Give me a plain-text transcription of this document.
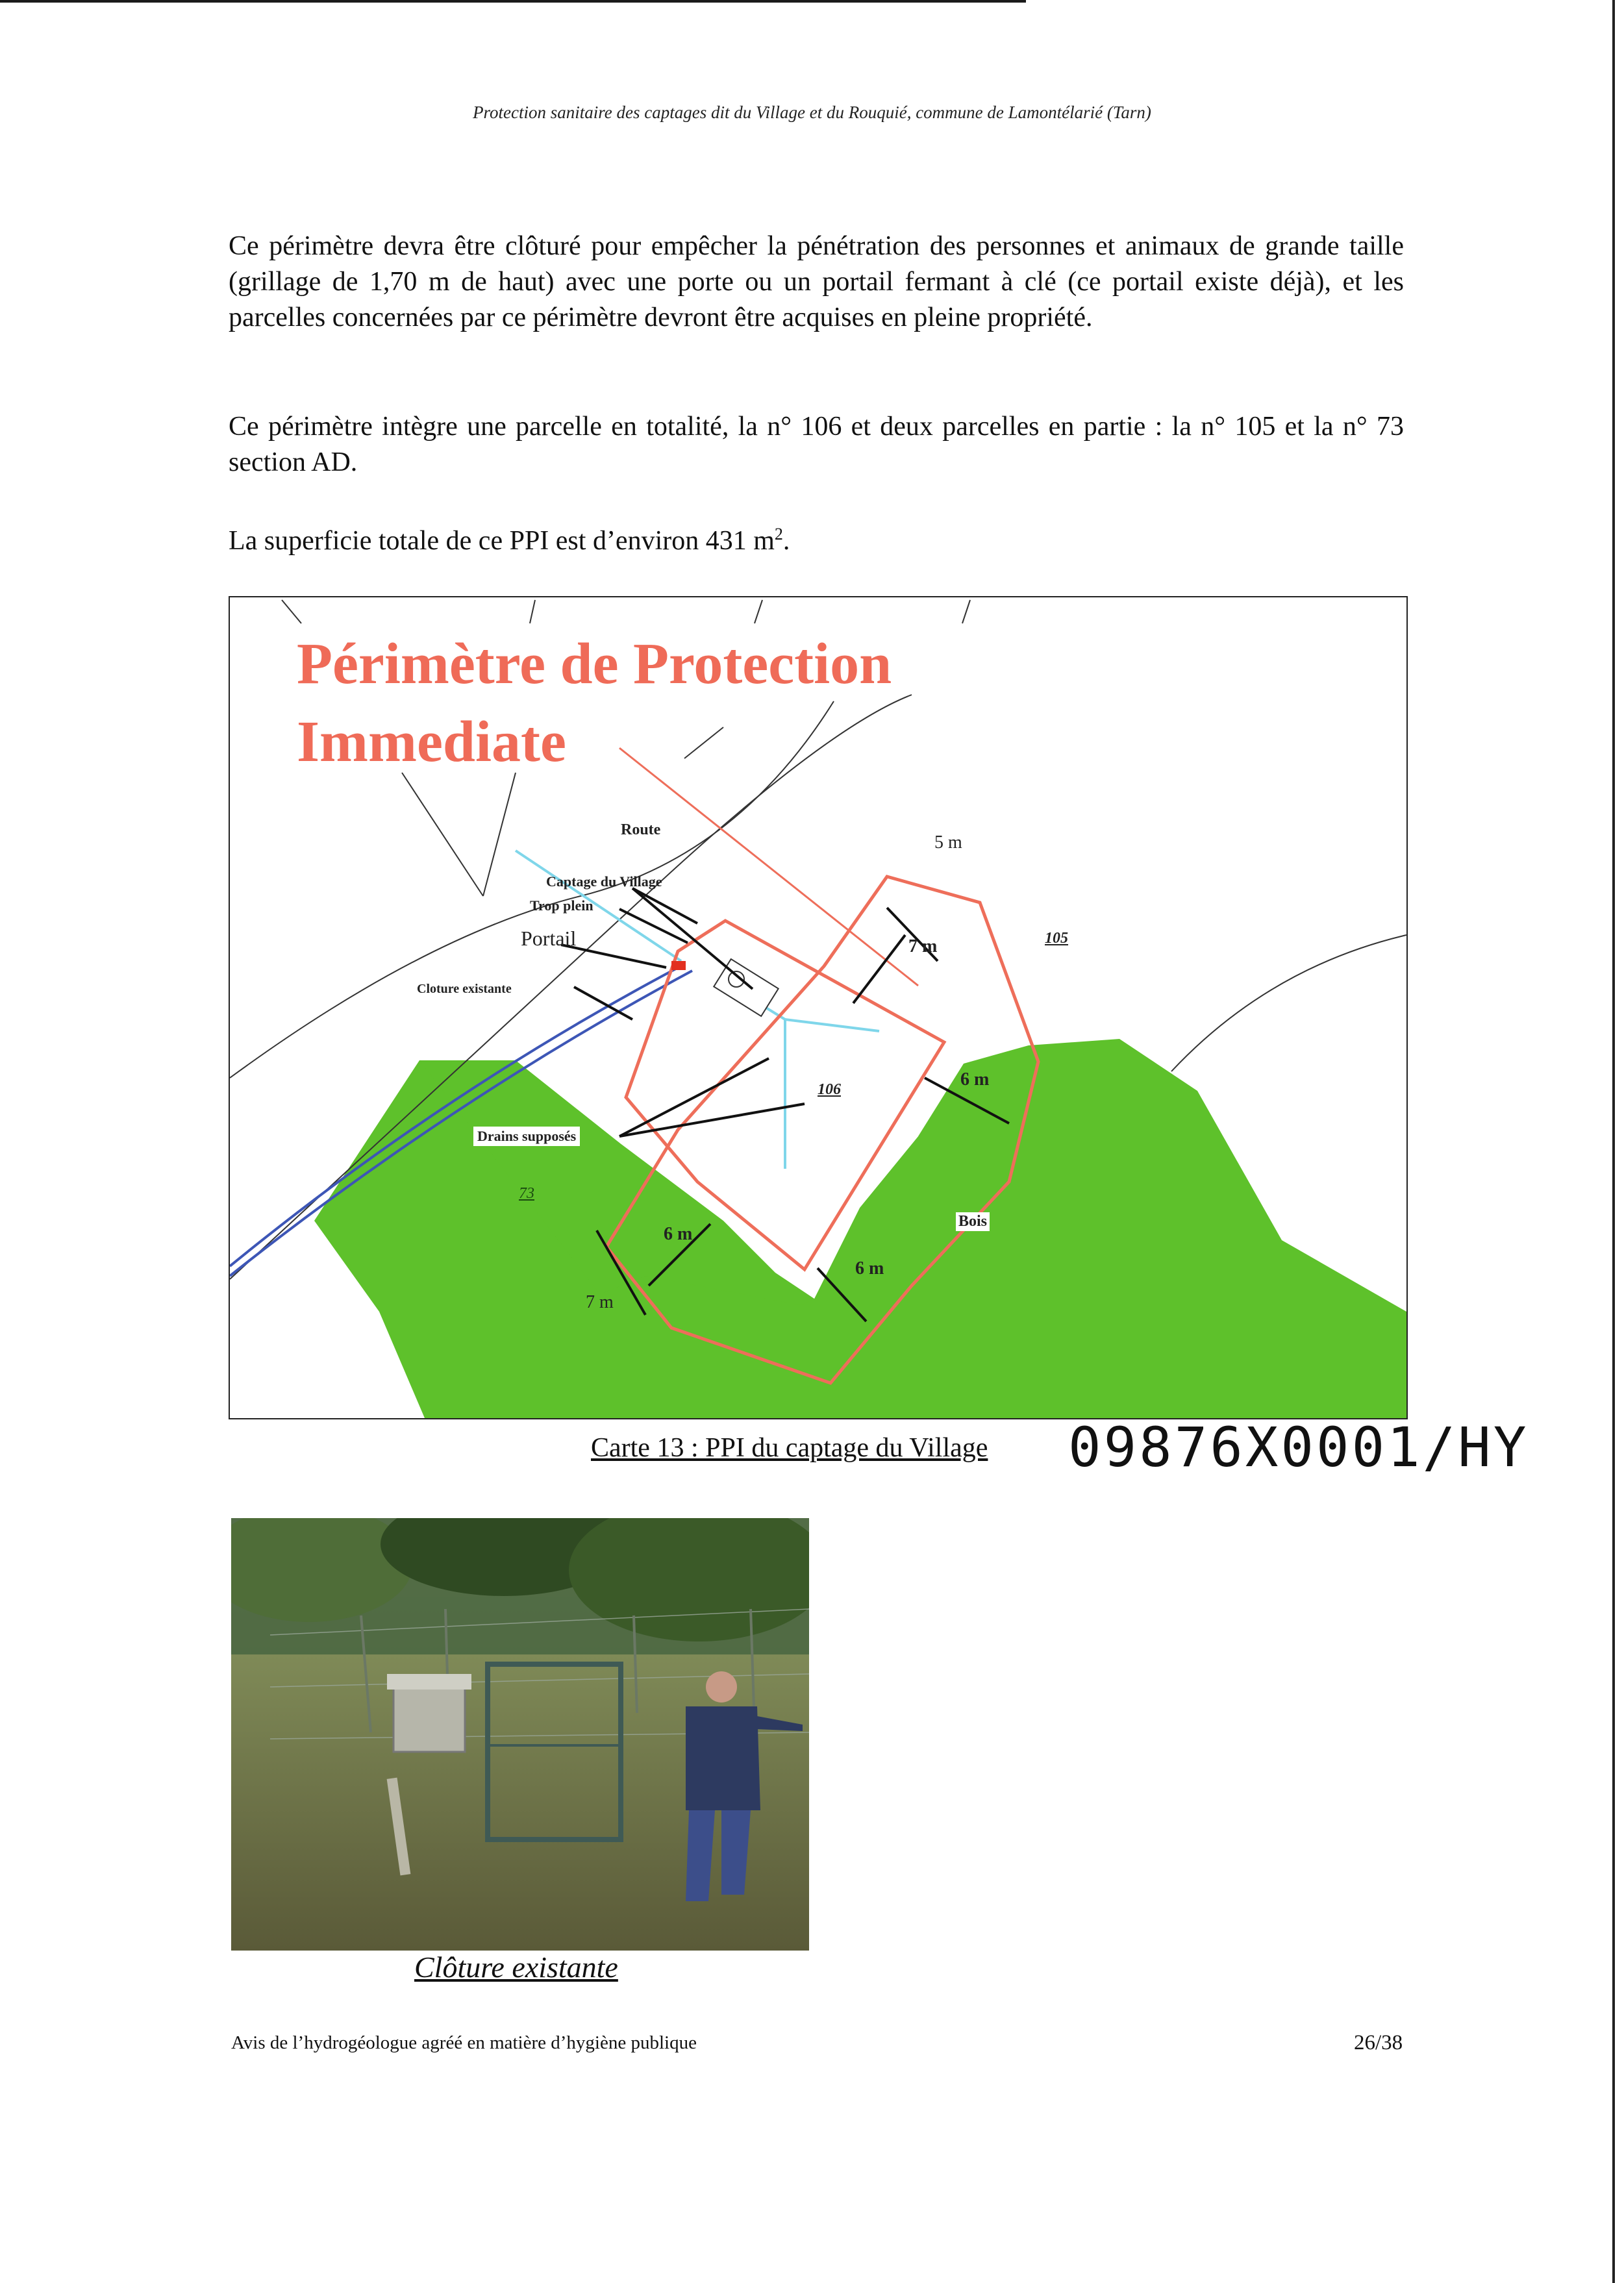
Protection sanitaire des captages dit du Village et du Rouquié, commune de Lamontélarié (Tarn)

Ce périmètre devra être clôturé pour empêcher la pénétration des personnes et animaux de grande taille (grillage de 1,70 m de haut) avec une porte ou un portail fermant à clé (ce portail existe déjà), et les parcelles concernées par ce périmètre devront être acquises en pleine propriété.

Ce périmètre intègre une parcelle en totalité, la n° 106 et deux parcelles en partie : la n° 105 et la n° 73 section AD.

La superficie totale de ce PPI est d’environ 431 $m^2$.

Périmètre de Protection
Immediate
Route
Captage du Village
Trop plein
Portail
Cloture existante
Drains supposés
73
106
105
Bois
5 m
7 m
6 m
6 m
6 m
7 m
Carte 13 : PPI du captage du Village 09876X0001/HY
Clôture existante
Avis de l’hydrogéologue agréé en matière d’hygiène publique	26/38
